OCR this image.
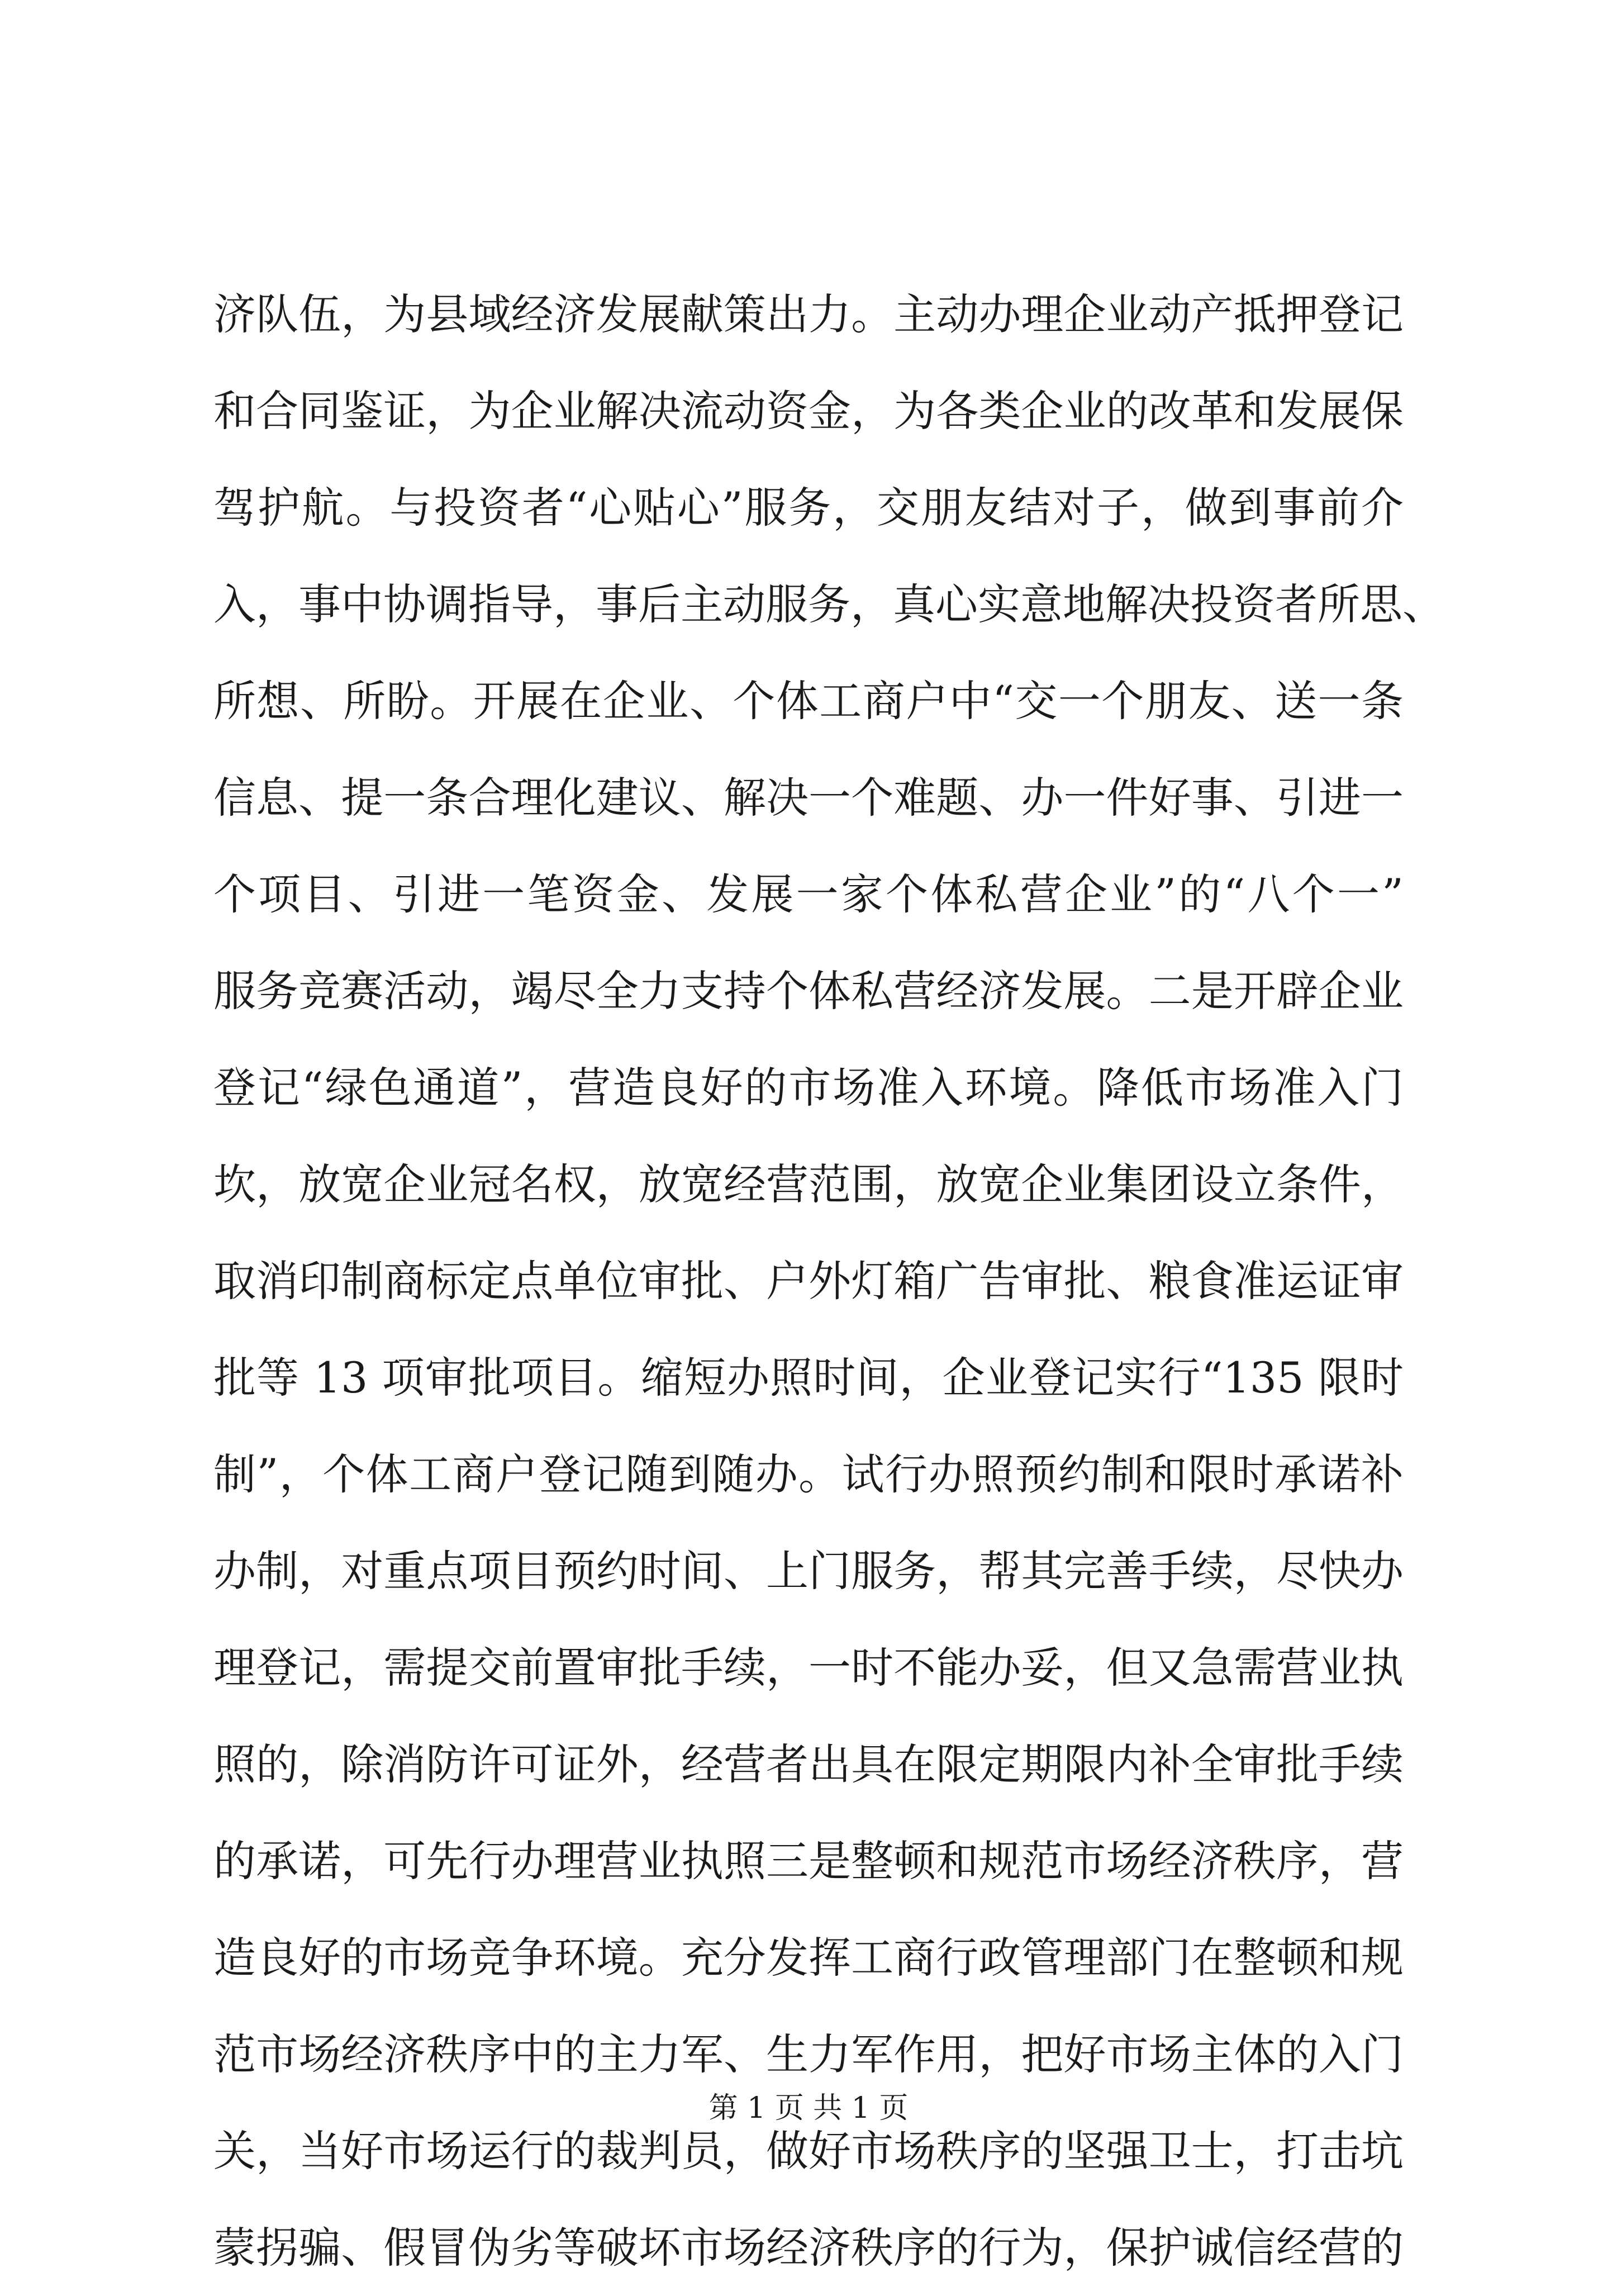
济队伍，为县域经济发展献策出力。主动办理企业动产抵押登记
和合同鉴证，为企业解决流动资金，为各类企业的改革和发展保
驾护航。与投资者“心贴心”服务，交朋友结对子，做到事前介
入，事中协调指导，事后主动服务，真心实意地解决投资者所思、
所想、所盼。开展在企业、个体工商户中“交一个朋友、送一条
信息、提一条合理化建议、解决一个难题、办一件好事、引进一
个项目、引进一笔资金、发展一家个体私营企业”的“八个一”
服务竞赛活动，竭尽全力支持个体私营经济发展。二是开辟企业
登记“绿色通道”，营造良好的市场准入环境。降低市场准入门
坎，放宽企业冠名权，放宽经营范围，放宽企业集团设立条件，
取消印制商标定点单位审批、户外灯箱广告审批、粮食准运证审
批等 13 项审批项目。缩短办照时间，企业登记实行“135 限时
制”，个体工商户登记随到随办。试行办照预约制和限时承诺补
办制，对重点项目预约时间、上门服务，帮其完善手续，尽快办
理登记，需提交前置审批手续，一时不能办妥，但又急需营业执
照的，除消防许可证外，经营者出具在限定期限内补全审批手续
的承诺，可先行办理营业执照三是整顿和规范市场经济秩序，营
造良好的市场竞争环境。充分发挥工商行政管理部门在整顿和规
范市场经济秩序中的主力军、生力军作用，把好市场主体的入门
关，当好市场运行的裁判员，做好市场秩序的坚强卫士，打击坑
蒙拐骗、假冒伪劣等破坏市场经济秩序的行为，保护诚信经营的
第 1 页 共 1 页
